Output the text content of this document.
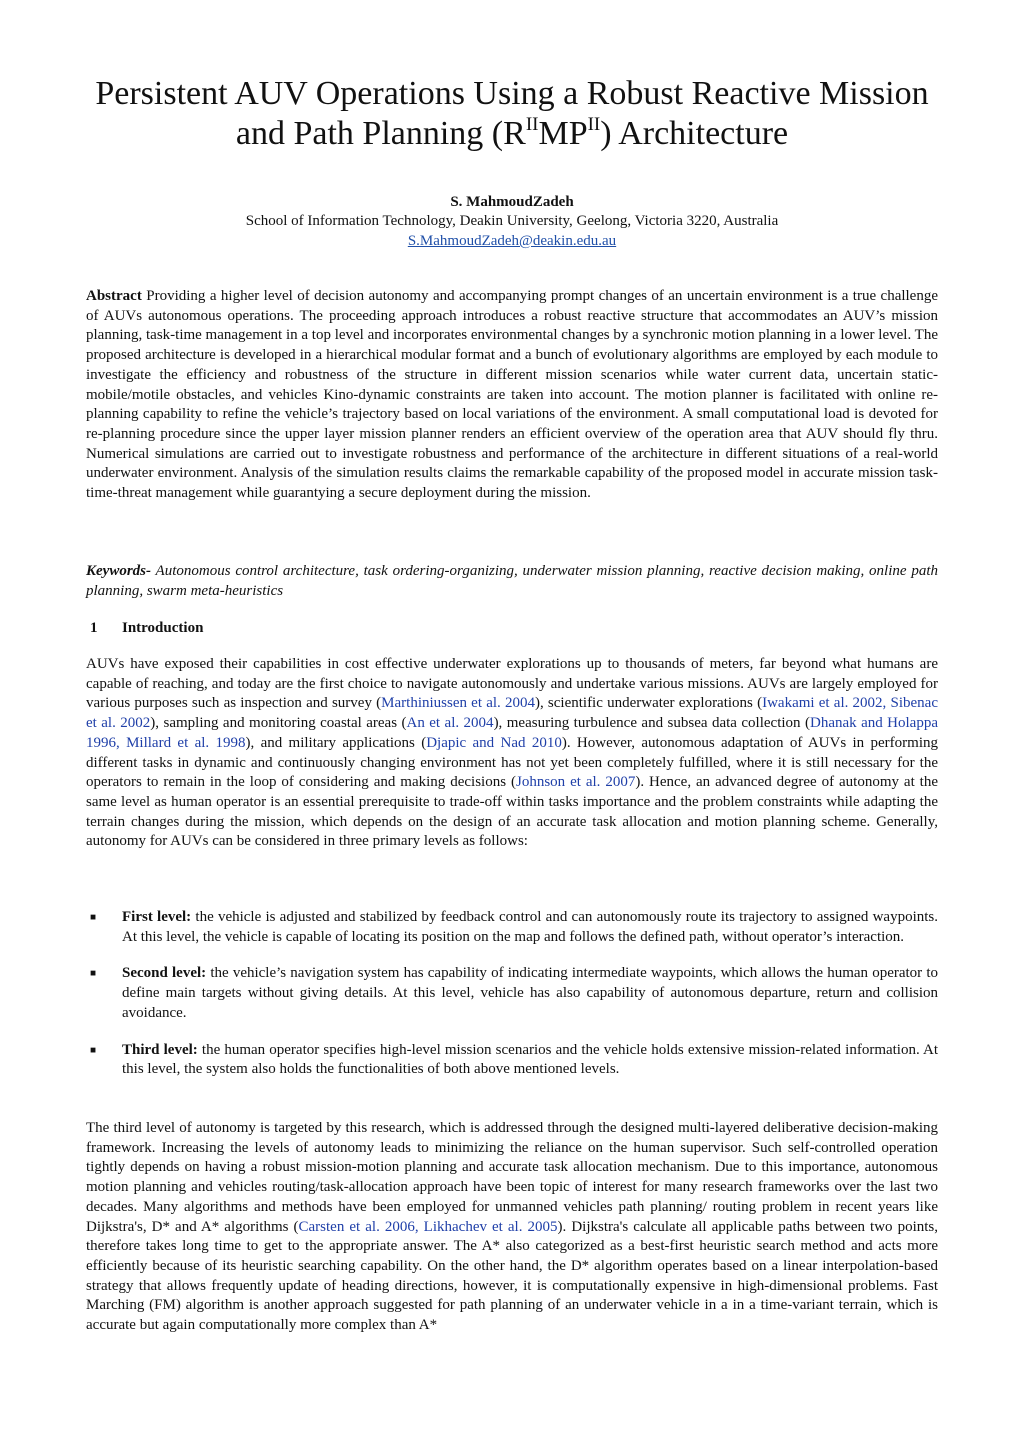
Persistent AUV Operations Using a Robust Reactive Mission
and Path Planning $(R^{II}MP^{II})$ Architecture
S. MahmoudZadeh
School of Information Technology, Deakin University, Geelong, Victoria 3220, Australia
S.MahmoudZadeh@deakin.edu.au

Abstract Providing a higher level of decision autonomy and accompanying prompt changes of an uncertain environment is a true challenge of AUVs autonomous operations. The proceeding approach introduces a robust reactive structure that accommodates an AUV’s mission planning, task-time management in a top level and incorporates environmental changes by a synchronic motion planning in a lower level. The proposed architecture is developed in a hierarchical modular format and a bunch of evolutionary algorithms are employed by each module to investigate the efficiency and robustness of the structure in different mission scenarios while water current data, uncertain static-mobile/motile obstacles, and vehicles Kino-dynamic constraints are taken into account. The motion planner is facilitated with online re-planning capability to refine the vehicle’s trajectory based on local variations of the environment. A small computational load is devoted for re-planning procedure since the upper layer mission planner renders an efficient overview of the operation area that AUV should fly thru. Numerical simulations are carried out to investigate robustness and performance of the architecture in different situations of a real-world underwater environment. Analysis of the simulation results claims the remarkable capability of the proposed model in accurate mission task-time-threat management while guarantying a secure deployment during the mission.

Keywords- Autonomous control architecture, task ordering-organizing, underwater mission planning, reactive decision making, online path planning, swarm meta-heuristics

1 Introduction

AUVs have exposed their capabilities in cost effective underwater explorations up to thousands of meters, far beyond what humans are capable of reaching, and today are the first choice to navigate autonomously and undertake various missions. AUVs are largely employed for various purposes such as inspection and survey (Marthiniussen et al. 2004), scientific underwater explorations (Iwakami et al. 2002, Sibenac et al. 2002), sampling and monitoring coastal areas (An et al. 2004), measuring turbulence and subsea data collection (Dhanak and Holappa 1996, Millard et al. 1998), and military applications (Djapic and Nad 2010). However, autonomous adaptation of AUVs in performing different tasks in dynamic and continuously changing environment has not yet been completely fulfilled, where it is still necessary for the operators to remain in the loop of considering and making decisions (Johnson et al. 2007). Hence, an advanced degree of autonomy at the same level as human operator is an essential prerequisite to trade-off within tasks importance and the problem constraints while adapting the terrain changes during the mission, which depends on the design of an accurate task allocation and motion planning scheme. Generally, autonomy for AUVs can be considered in three primary levels as follows:

■ First level: the vehicle is adjusted and stabilized by feedback control and can autonomously route its trajectory to assigned waypoints. At this level, the vehicle is capable of locating its position on the map and follows the defined path, without operator’s interaction.
■ Second level: the vehicle’s navigation system has capability of indicating intermediate waypoints, which allows the human operator to define main targets without giving details. At this level, vehicle has also capability of autonomous departure, return and collision avoidance.
■ Third level: the human operator specifies high-level mission scenarios and the vehicle holds extensive mission-related information. At this level, the system also holds the functionalities of both above mentioned levels.

The third level of autonomy is targeted by this research, which is addressed through the designed multi-layered deliberative decision-making framework. Increasing the levels of autonomy leads to minimizing the reliance on the human supervisor. Such self-controlled operation tightly depends on having a robust mission-motion planning and accurate task allocation mechanism. Due to this importance, autonomous motion planning and vehicles routing/task-allocation approach have been topic of interest for many research frameworks over the last two decades. Many algorithms and methods have been employed for unmanned vehicles path planning/ routing problem in recent years like Dijkstra's, D* and A* algorithms (Carsten et al. 2006, Likhachev et al. 2005). Dijkstra's calculate all applicable paths between two points, therefore takes long time to get to the appropriate answer. The A* also categorized as a best-first heuristic search method and acts more efficiently because of its heuristic searching capability. On the other hand, the D* algorithm operates based on a linear interpolation-based strategy that allows frequently update of heading directions, however, it is computationally expensive in high-dimensional problems. Fast Marching (FM) algorithm is another approach suggested for path planning of an underwater vehicle in a in a time-variant terrain, which is accurate but again computationally more complex than A*
